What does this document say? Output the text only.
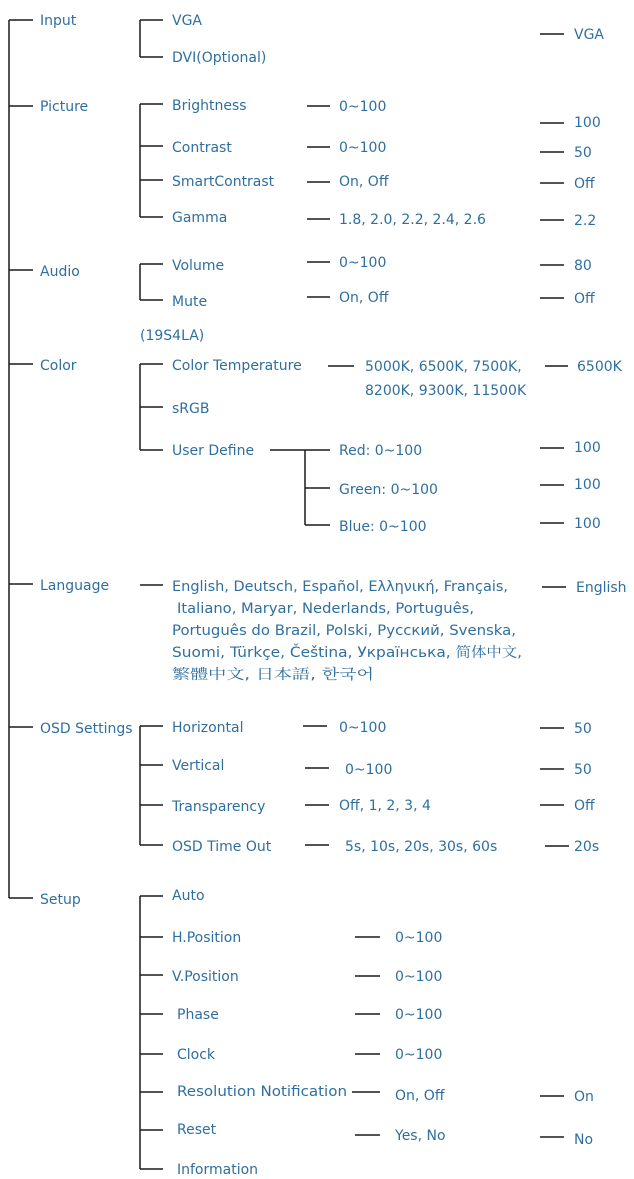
Input
Picture
Audio
Color
Language
OSD Settings
Setup
VGA
DVI(Optional)
VGA
Brightness
Contrast
SmartContrast
Gamma
0~100
0~100
On, Off
1.8, 2.0, 2.2, 2.4, 2.6
100
50
Off
2.2
Volume
Mute
0~100
On, Off
80
Off
(19S4LA)
Color Temperature
sRGB
User Define
5000K, 6500K, 7500K,
8200K, 9300K, 11500K
6500K
Red: 0~100
Green: 0~100
Blue: 0~100
100
100
100
English, Deutsch, Español, Ελληνική, Français,
Italiano, Maryar, Nederlands, Português,
Português do Brazil, Polski, Русский, Svenska,
Suomi, Türkçe, Čeština, Українська, 简体中文,
繁體中文, 日本語, 한국어
English
Horizontal
Vertical
Transparency
OSD Time Out
0~100
0~100
Off, 1, 2, 3, 4
5s, 10s, 20s, 30s, 60s
50
50
Off
20s
Auto
H.Position
V.Position
Phase
Clock
Resolution Notification
Reset
Information
0~100
0~100
0~100
0~100
On, Off
Yes, No
On
No
